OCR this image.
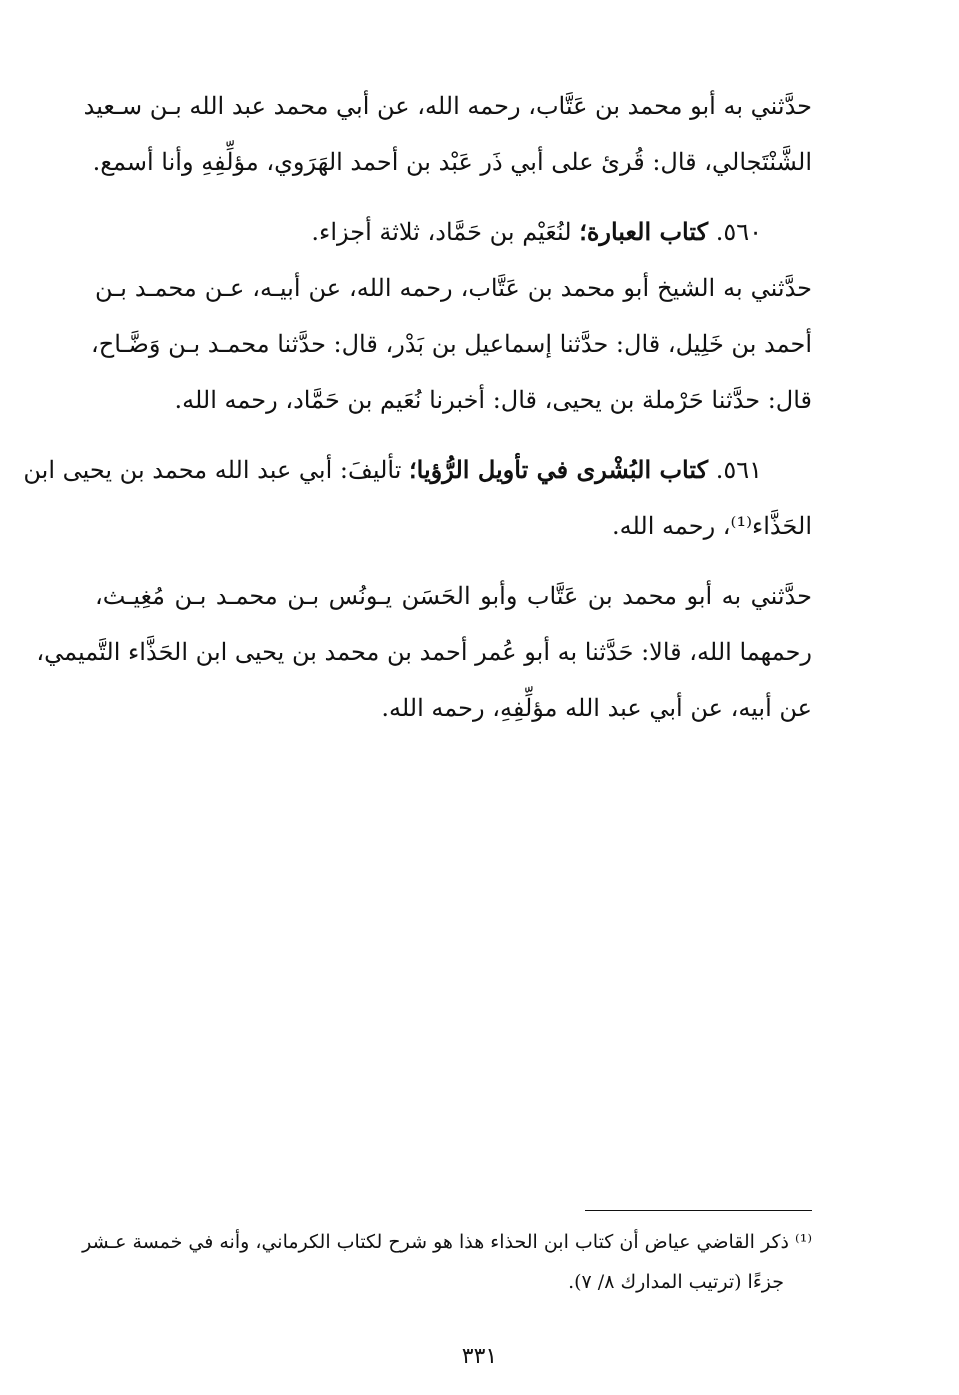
حدَّثني به أبو محمد بن عَتَّاب، رحمه الله، عن أبي محمد عبد الله بـن سـعيد
الشَّنْتَجالي، قال: قُرئ على أبي ذَر عَبْد بن أحمد الهَرَوي، مؤلِّفِهِ وأنا أسمع.
٥٦٠. كتاب العبارة؛ لنُعَيْم بن حَمَّاد، ثلاثة أجزاء.
حدَّثني به الشيخ أبو محمد بن عَتَّاب، رحمه الله، عن أبيـه، عـن محمـد بـن
أحمد بن خَلِيل، قال: حدَّثنا إسماعيل بن بَدْر، قال: حدَّثنا محمـد بـن وَضَّـاح،
قال: حدَّثنا حَرْملة بن يحيى، قال: أخبرنا نُعَيم بن حَمَّاد، رحمه الله.
٥٦١. كتاب البُشْرى في تأويل الرُّؤيا؛ تأليفَ: أبي عبد الله محمد بن يحيى ابن
الحَذَّاء⁽¹⁾، رحمه الله.
حدَّثني به أبو محمد بن عَتَّاب وأبو الحَسَن يـونُس بـن محمـد بـن مُغِيـث،
رحمهما الله، قالا: حَدَّثنا به أبو عُمر أحمد بن محمد بن يحيى ابن الحَذَّاء التَّميمي،
عن أبيه، عن أبي عبد الله مؤلِّفِهِ، رحمه الله.
⁽¹⁾ ذكر القاضي عياض أن كتاب ابن الحذاء هذا هو شرح لكتاب الكرماني، وأنه في خمسة عـشر
جزءًا (ترتيب المدارك ٨/ ٧).
٣٣١
